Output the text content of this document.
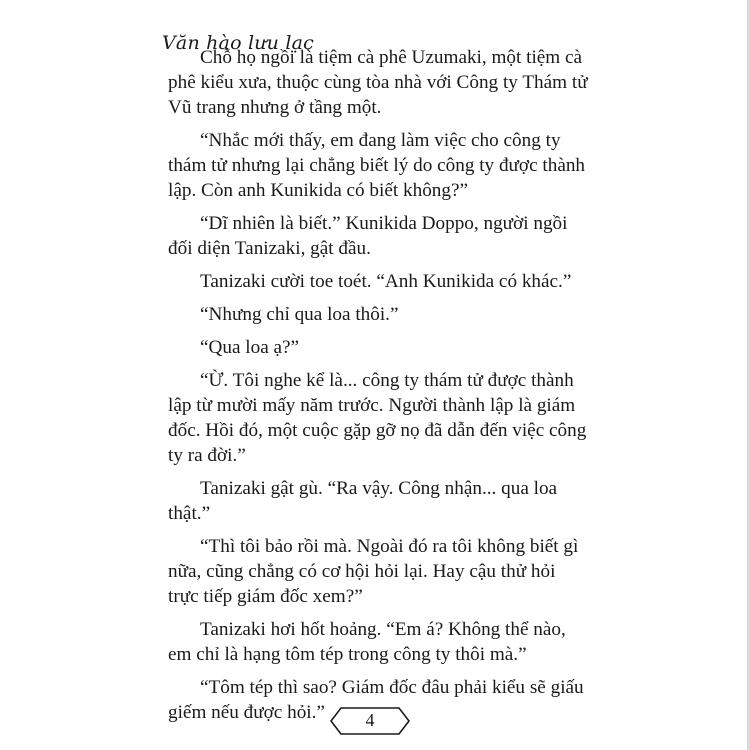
Văn hào lưu lạc

Chỗ họ ngồi là tiệm cà phê Uzumaki, một tiệm cà phê kiểu xưa, thuộc cùng tòa nhà với Công ty Thám tử Vũ trang nhưng ở tầng một.

“Nhắc mới thấy, em đang làm việc cho công ty thám tử nhưng lại chẳng biết lý do công ty được thành lập. Còn anh Kunikida có biết không?”

“Dĩ nhiên là biết.” Kunikida Doppo, người ngồi đối diện Tanizaki, gật đầu.

Tanizaki cười toe toét. “Anh Kunikida có khác.”

“Nhưng chỉ qua loa thôi.”

“Qua loa ạ?”

“Ừ. Tôi nghe kể là... công ty thám tử được thành lập từ mười mấy năm trước. Người thành lập là giám đốc. Hồi đó, một cuộc gặp gỡ nọ đã dẫn đến việc công ty ra đời.”

Tanizaki gật gù. “Ra vậy. Công nhận... qua loa thật.”

“Thì tôi bảo rồi mà. Ngoài đó ra tôi không biết gì nữa, cũng chẳng có cơ hội hỏi lại. Hay cậu thử hỏi trực tiếp giám đốc xem?”

Tanizaki hơi hốt hoảng. “Em á? Không thể nào, em chỉ là hạng tôm tép trong công ty thôi mà.”

“Tôm tép thì sao? Giám đốc đâu phải kiểu sẽ giấu giếm nếu được hỏi.”	4
